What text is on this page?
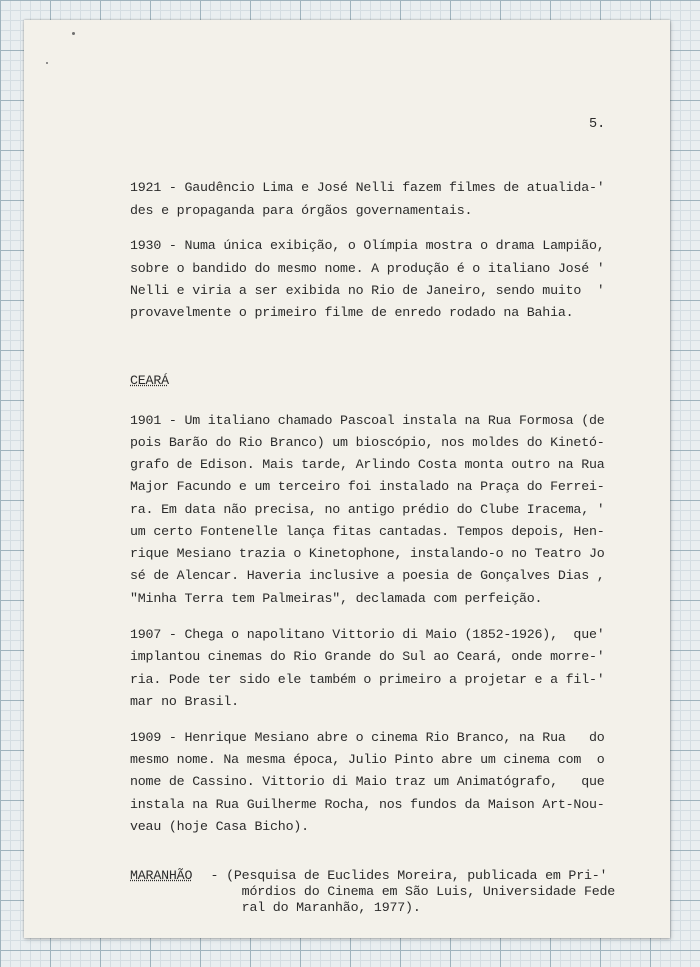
5.
1921 - Gaudêncio Lima e José Nelli fazem filmes de atualida-'
des e propaganda para órgãos governamentais.
1930 - Numa única exibição, o Olímpia mostra o drama Lampião,
sobre o bandido do mesmo nome. A produção é o italiano José '
Nelli e viria a ser exibida no Rio de Janeiro, sendo muito  '
provavelmente o primeiro filme de enredo rodado na Bahia.
CEARÁ
1901 - Um italiano chamado Pascoal instala na Rua Formosa (de
pois Barão do Rio Branco) um bioscópio, nos moldes do Kinetó-
grafo de Edison. Mais tarde, Arlindo Costa monta outro na Rua
Major Facundo e um terceiro foi instalado na Praça do Ferrei-
ra. Em data não precisa, no antigo prédio do Clube Iracema, '
um certo Fontenelle lança fitas cantadas. Tempos depois, Hen-
rique Mesiano trazia o Kinetophone, instalando-o no Teatro Jo
sé de Alencar. Haveria inclusive a poesia de Gonçalves Dias ,
"Minha Terra tem Palmeiras", declamada com perfeição.
1907 - Chega o napolitano Vittorio di Maio (1852-1926),  que'
implantou cinemas do Rio Grande do Sul ao Ceará, onde morre-'
ria. Pode ter sido ele também o primeiro a projetar e a fil-'
mar no Brasil.
1909 - Henrique Mesiano abre o cinema Rio Branco, na Rua   do
mesmo nome. Na mesma época, Julio Pinto abre um cinema com  o
nome de Cassino. Vittorio di Maio traz um Animatógrafo,   que
instala na Rua Guilherme Rocha, nos fundos da Maison Art-Nou-
veau (hoje Casa Bicho).
MARANHÃO - (Pesquisa de Euclides Moreira, publicada em Pri-'
mórdios do Cinema em São Luis, Universidade Fede
ral do Maranhão, 1977).
